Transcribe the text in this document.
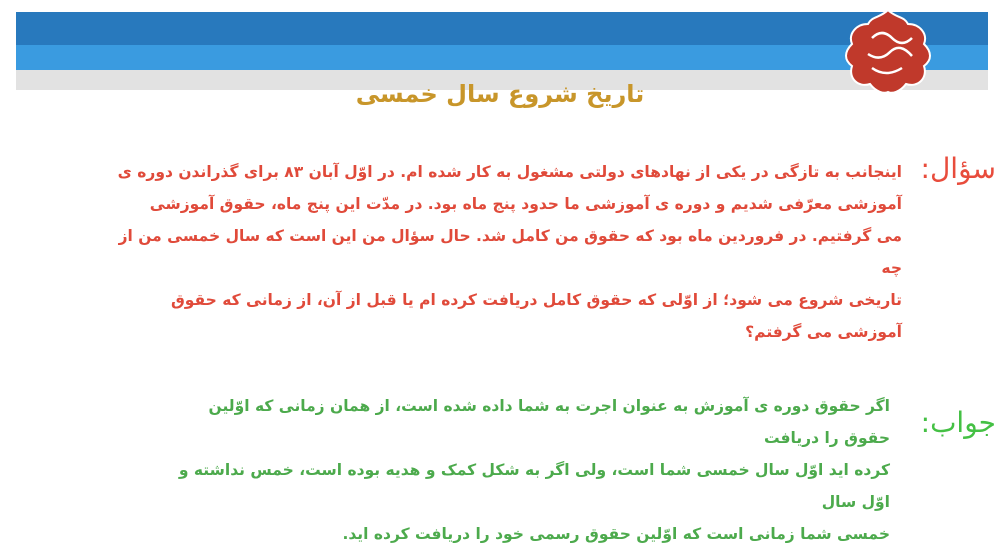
تاریخ شروع سال خمسی
سؤال:
اینجانب به تازگی در یکی از نهادهای دولتی مشغول به کار شده ام. در اوّل آبان ۸۳ برای گذراندن دوره ی
آموزشی معرّفی شدیم و دوره ی آموزشی ما حدود پنج ماه بود. در مدّت این پنج ماه، حقوق آموزشی
می گرفتیم. در فروردین ماه بود که حقوق من کامل شد. حال سؤال من این است که سال خمسی من از چه
تاریخی شروع می شود؛ از اوّلی که حقوق کامل دریافت کرده ام یا قبل از آن، از زمانی که حقوق آموزشی می گرفتم؟
جواب:
اگر حقوق دوره ی آموزش به عنوان اجرت به شما داده شده است، از همان زمانی که اوّلین حقوق را دریافت
کرده اید اوّل سال خمسی شما است، ولی اگر به شکل کمک و هدیه بوده است، خمس نداشته و اوّل سال
خمسی شما زمانی است که اوّلین حقوق رسمی خود را دریافت کرده اید.
